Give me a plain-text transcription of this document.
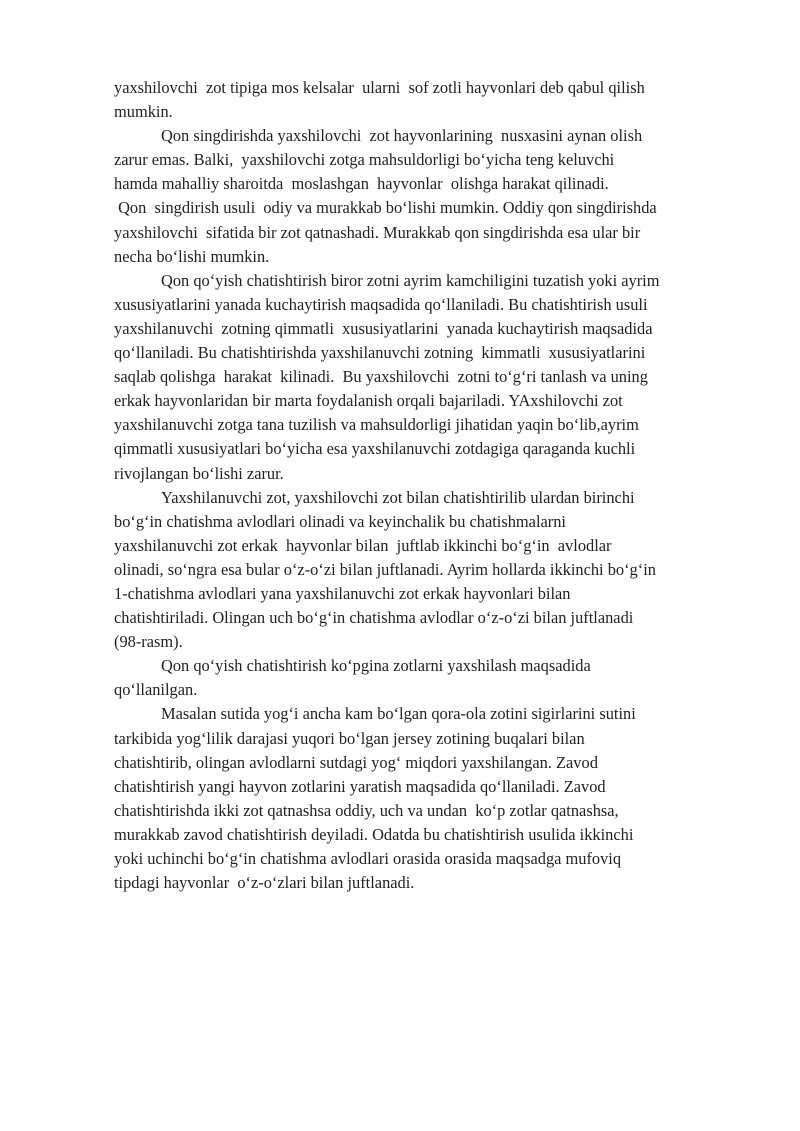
yaxshilovchi  zot tipiga mos kelsalar  ularni  sof zotli hayvonlari deb qabul qilish
mumkin.
Qon singdirishda yaxshilovchi  zot hayvonlarining  nusxasini aynan olish
zarur emas. Balki,  yaxshilovchi zotga mahsuldorligi bo‘yicha teng keluvchi
hamda mahalliy sharoitda  moslashgan  hayvonlar  olishga harakat qilinadi.
Qon  singdirish usuli  odiy va murakkab bo‘lishi mumkin. Oddiy qon singdirishda
yaxshilovchi  sifatida bir zot qatnashadi. Murakkab qon singdirishda esa ular bir
necha bo‘lishi mumkin.
Qon qo‘yish chatishtirish biror zotni ayrim kamchiligini tuzatish yoki ayrim
xususiyatlarini yanada kuchaytirish maqsadida qo‘llaniladi. Bu chatishtirish usuli
yaxshilanuvchi  zotning qimmatli  xususiyatlarini  yanada kuchaytirish maqsadida
qo‘llaniladi. Bu chatishtirishda yaxshilanuvchi zotning  kimmatli  xususiyatlarini
saqlab qolishga  harakat  kilinadi.  Bu yaxshilovchi  zotni to‘g‘ri tanlash va uning
erkak hayvonlaridan bir marta foydalanish orqali bajariladi. YAxshilovchi zot
yaxshilanuvchi zotga tana tuzilish va mahsuldorligi jihatidan yaqin bo‘lib,ayrim
qimmatli xususiyatlari bo‘yicha esa yaxshilanuvchi zotdagiga qaraganda kuchli
rivojlangan bo‘lishi zarur.
Yaxshilanuvchi zot, yaxshilovchi zot bilan chatishtirilib ulardan birinchi
bo‘g‘in chatishma avlodlari olinadi va keyinchalik bu chatishmalarni
yaxshilanuvchi zot erkak  hayvonlar bilan  juftlab ikkinchi bo‘g‘in  avlodlar
olinadi, so‘ngra esa bular o‘z-o‘zi bilan juftlanadi. Ayrim hollarda ikkinchi bo‘g‘in
1-chatishma avlodlari yana yaxshilanuvchi zot erkak hayvonlari bilan
chatishtiriladi. Olingan uch bo‘g‘in chatishma avlodlar o‘z-o‘zi bilan juftlanadi
(98-rasm).
Qon qo‘yish chatishtirish ko‘pgina zotlarni yaxshilash maqsadida
qo‘llanilgan.
Masalan sutida yog‘i ancha kam bo‘lgan qora-ola zotini sigirlarini sutini
tarkibida yog‘lilik darajasi yuqori bo‘lgan jersey zotining buqalari bilan
chatishtirib, olingan avlodlarni sutdagi yog‘ miqdori yaxshilangan. Zavod
chatishtirish yangi hayvon zotlarini yaratish maqsadida qo‘llaniladi. Zavod
chatishtirishda ikki zot qatnashsa oddiy, uch va undan  ko‘p zotlar qatnashsa,
murakkab zavod chatishtirish deyiladi. Odatda bu chatishtirish usulida ikkinchi
yoki uchinchi bo‘g‘in chatishma avlodlari orasida orasida maqsadga mufoviq
tipdagi hayvonlar  o‘z-o‘zlari bilan juftlanadi.
